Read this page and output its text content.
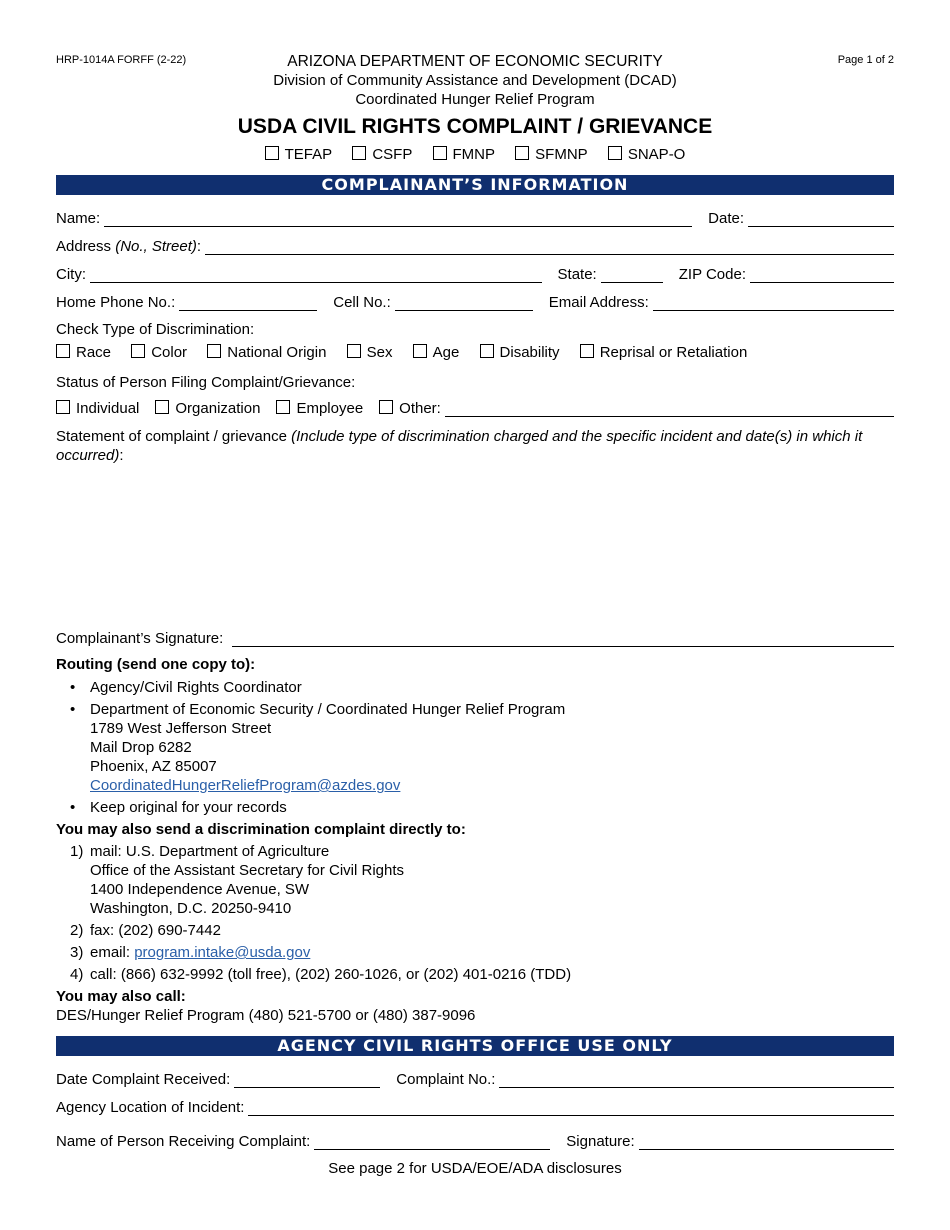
HRP-1014A FORFF (2-22)	Page 1 of 2
ARIZONA DEPARTMENT OF ECONOMIC SECURITY
Division of Community Assistance and Development (DCAD)
Coordinated Hunger Relief Program
USDA CIVIL RIGHTS COMPLAINT / GRIEVANCE
TEFAP	CSFP	FMNP	SFMNP	SNAP-O
COMPLAINANT’S INFORMATION
Name:	Date:
Address (No., Street):
City:	State:	ZIP Code:
Home Phone No.:	Cell No.:	Email Address:
Check Type of Discrimination:
Race	Color	National Origin	Sex	Age	Disability	Reprisal or Retaliation
Status of Person Filing Complaint/Grievance:
Individual	Organization	Employee	Other:
Statement of complaint / grievance (Include type of discrimination charged and the specific incident and date(s) in which it occurred):
Complainant’s Signature:
Routing (send one copy to):
• Agency/Civil Rights Coordinator
• Department of Economic Security / Coordinated Hunger Relief Program
1789 West Jefferson Street
Mail Drop 6282
Phoenix, AZ 85007
CoordinatedHungerReliefProgram@azdes.gov
• Keep original for your records
You may also send a discrimination complaint directly to:
1) mail: U.S. Department of Agriculture
Office of the Assistant Secretary for Civil Rights
1400 Independence Avenue, SW
Washington, D.C. 20250-9410
2) fax: (202) 690-7442
3) email: program.intake@usda.gov
4) call: (866) 632-9992 (toll free), (202) 260-1026, or (202) 401-0216 (TDD)
You may also call:
DES/Hunger Relief Program (480) 521-5700 or (480) 387-9096
AGENCY CIVIL RIGHTS OFFICE USE ONLY
Date Complaint Received:	Complaint No.:
Agency Location of Incident:
Name of Person Receiving Complaint:	Signature:
See page 2 for USDA/EOE/ADA disclosures
